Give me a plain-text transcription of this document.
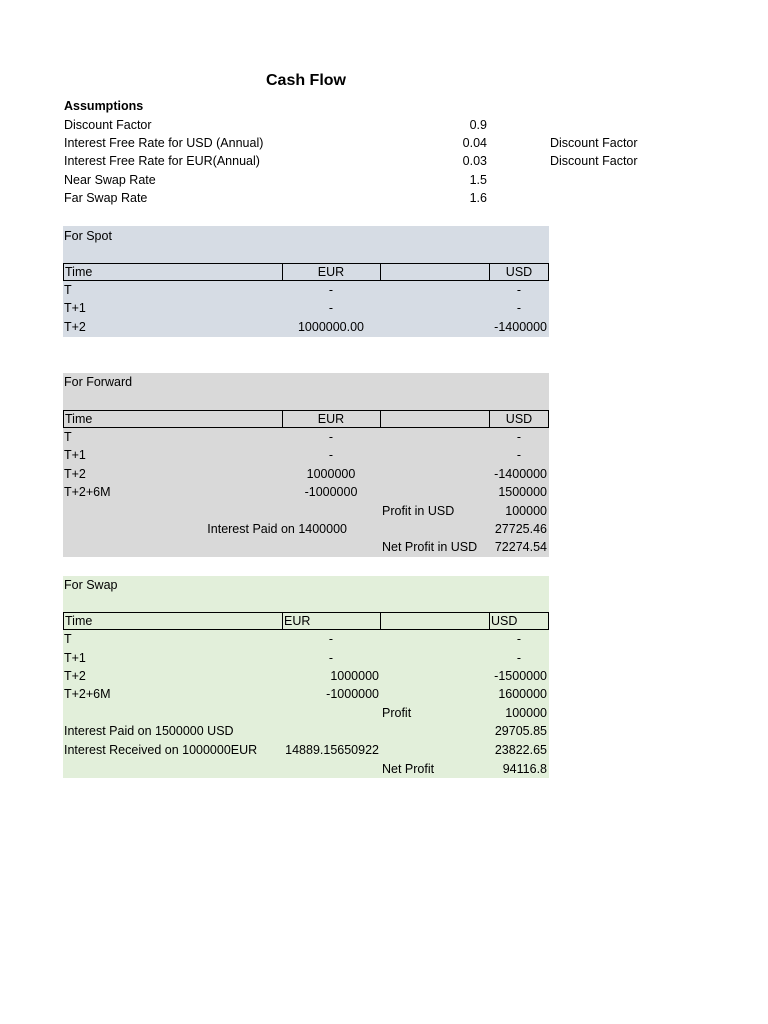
Cash Flow
Assumptions
Discount Factor	0.9
Interest Free Rate for USD (Annual)	0.04	Discount Factor
Interest Free Rate for EUR(Annual)	0.03	Discount Factor
Near Swap Rate	1.5
Far Swap Rate	1.6
For Spot
Time	EUR	USD
T	-	-
T+1	-	-
T+2	1000000.00	-1400000
For Forward
Time	EUR	USD
T	-	-
T+1	-	-
T+2	1000000	-1400000
T+2+6M	-1000000	1500000
Profit in USD	100000
Interest Paid on 1400000	27725.46
Net Profit in USD	72274.54
For Swap
Time	EUR	USD
T	-	-
T+1	-	-
T+2	1000000	-1500000
T+2+6M	-1000000	1600000
Profit	100000
Interest Paid on 1500000 USD	29705.85
Interest Received on 1000000EUR	14889.15650922	23822.65
Net Profit	94116.8
